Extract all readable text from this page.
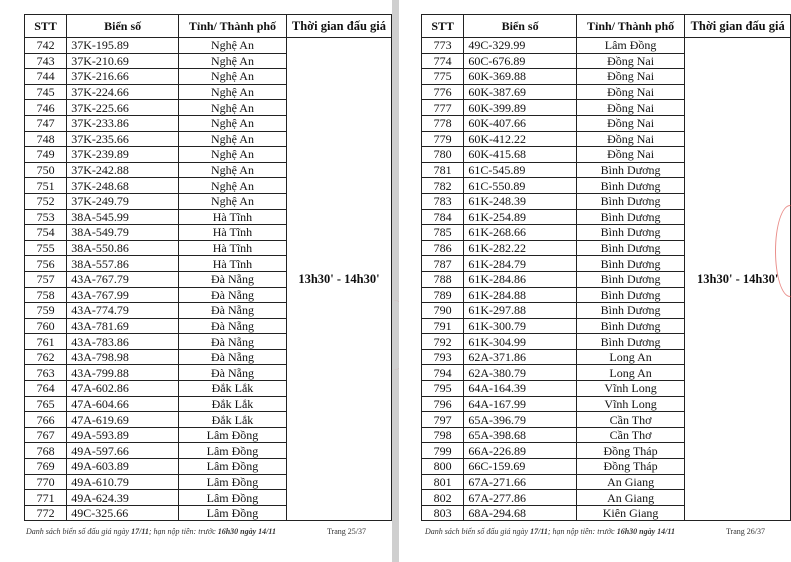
STT	Biển số	Tỉnh/ Thành phố	Thời gian đấu giá
742	37K-195.89	Nghệ An	13h30' - 14h30'
743	37K-210.69	Nghệ An	
744	37K-216.66	Nghệ An	
745	37K-224.66	Nghệ An	
746	37K-225.66	Nghệ An	
747	37K-233.86	Nghệ An	
748	37K-235.66	Nghệ An	
749	37K-239.89	Nghệ An	
750	37K-242.88	Nghệ An	
751	37K-248.68	Nghệ An	
752	37K-249.79	Nghệ An	
753	38A-545.99	Hà Tĩnh	
754	38A-549.79	Hà Tĩnh	
755	38A-550.86	Hà Tĩnh	
756	38A-557.86	Hà Tĩnh	
757	43A-767.79	Đà Nẵng	
758	43A-767.99	Đà Nẵng	
759	43A-774.79	Đà Nẵng	
760	43A-781.69	Đà Nẵng	
761	43A-783.86	Đà Nẵng	
762	43A-798.98	Đà Nẵng	
763	43A-799.88	Đà Nẵng	
764	47A-602.86	Đắk Lắk	
765	47A-604.66	Đắk Lắk	
766	47A-619.69	Đắk Lắk	
767	49A-593.89	Lâm Đồng	
768	49A-597.66	Lâm Đồng	
769	49A-603.89	Lâm Đồng	
770	49A-610.79	Lâm Đồng	
771	49A-624.39	Lâm Đồng	
772	49C-325.66	Lâm Đồng	
Danh sách biển số đấu giá ngày 17/11; hạn nộp tiền: trước 16h30 ngày 14/11	Trang 25/37
STT	Biển số	Tỉnh/ Thành phố	Thời gian đấu giá
773	49C-329.99	Lâm Đồng	13h30' - 14h30'
774	60C-676.89	Đồng Nai	
775	60K-369.88	Đồng Nai	
776	60K-387.69	Đồng Nai	
777	60K-399.89	Đồng Nai	
778	60K-407.66	Đồng Nai	
779	60K-412.22	Đồng Nai	
780	60K-415.68	Đồng Nai	
781	61C-545.89	Bình Dương	
782	61C-550.89	Bình Dương	
783	61K-248.39	Bình Dương	
784	61K-254.89	Bình Dương	
785	61K-268.66	Bình Dương	
786	61K-282.22	Bình Dương	
787	61K-284.79	Bình Dương	
788	61K-284.86	Bình Dương	
789	61K-284.88	Bình Dương	
790	61K-297.88	Bình Dương	
791	61K-300.79	Bình Dương	
792	61K-304.99	Bình Dương	
793	62A-371.86	Long An	
794	62A-380.79	Long An	
795	64A-164.39	Vĩnh Long	
796	64A-167.99	Vĩnh Long	
797	65A-396.79	Cần Thơ	
798	65A-398.68	Cần Thơ	
799	66A-226.89	Đồng Tháp	
800	66C-159.69	Đồng Tháp	
801	67A-271.66	An Giang	
802	67A-277.86	An Giang	
803	68A-294.68	Kiên Giang	
Danh sách biển số đấu giá ngày 17/11; hạn nộp tiền: trước 16h30 ngày 14/11	Trang 26/37
